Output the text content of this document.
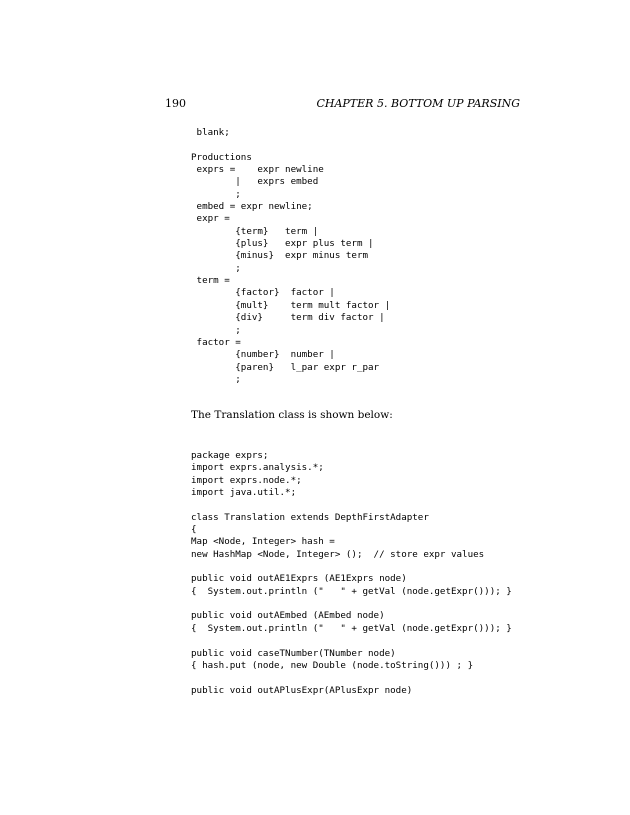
190	CHAPTER 5. BOTTOM UP PARSING
blank;

Productions
exprs =    expr newline
|   exprs embed
;
embed = expr newline;
expr =
{term}   term |
{plus}   expr plus term |
{minus}  expr minus term
;
term =
{factor}  factor |
{mult}    term mult factor |
{div}     term div factor |
;
factor =
{number}  number |
{paren}   l_par expr r_par
;
The Translation class is shown below:
package exprs;
import exprs.analysis.*;
import exprs.node.*;
import java.util.*;

class Translation extends DepthFirstAdapter
{
Map <Node, Integer> hash =
new HashMap <Node, Integer> ();  // store expr values

public void outAE1Exprs (AE1Exprs node)
{  System.out.println ("   " + getVal (node.getExpr())); }

public void outAEmbed (AEmbed node)
{  System.out.println ("   " + getVal (node.getExpr())); }

public void caseTNumber(TNumber node)
{ hash.put (node, new Double (node.toString())) ; }

public void outAPlusExpr(APlusExpr node)
